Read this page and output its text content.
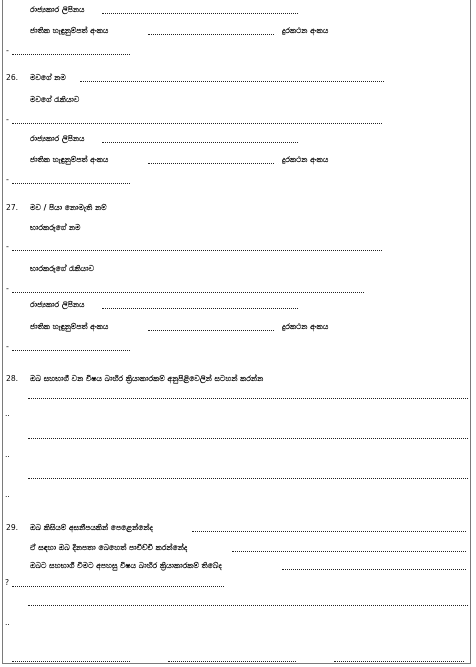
රාජ්‍යකාර ලිපිනය
ජාතික හැඳුනුම්පත් අංකය	දුරකථන අංකය
-
26. මවගේ නම
මවගේ රැකියාව
-
රාජ්‍යකාර ලිපිනය
ජාතික හැඳුනුම්පත් අංකය	දුරකථන අංකය
-
27. මව / පියා නොමැති නම්
භාරකරුගේ නම
-
භාරකරුගේ රැකියාව
-
රාජ්‍යකාර ලිපිනය
ජාතික හැඳුනුම්පත් අංකය	දුරකථන අංකය
-
28. ඔබ සහභාගී වන විෂය බාහිර ක්‍රියාකාරකම් අනුපිළිවෙලින් සටහන් කරන්න
..
..
..
29. ඔබ කිසියම් අසනීපයකින් පෙළෙන්නේද
ඒ සඳහා ඔබ දිනපතා බෙහෙත් පාවිච්චි කරන්නේද
ඔබට සහභාගී විමට අපහසු විෂය බාහිර ක්‍රියාකාරකම් තිබේද
?
..
